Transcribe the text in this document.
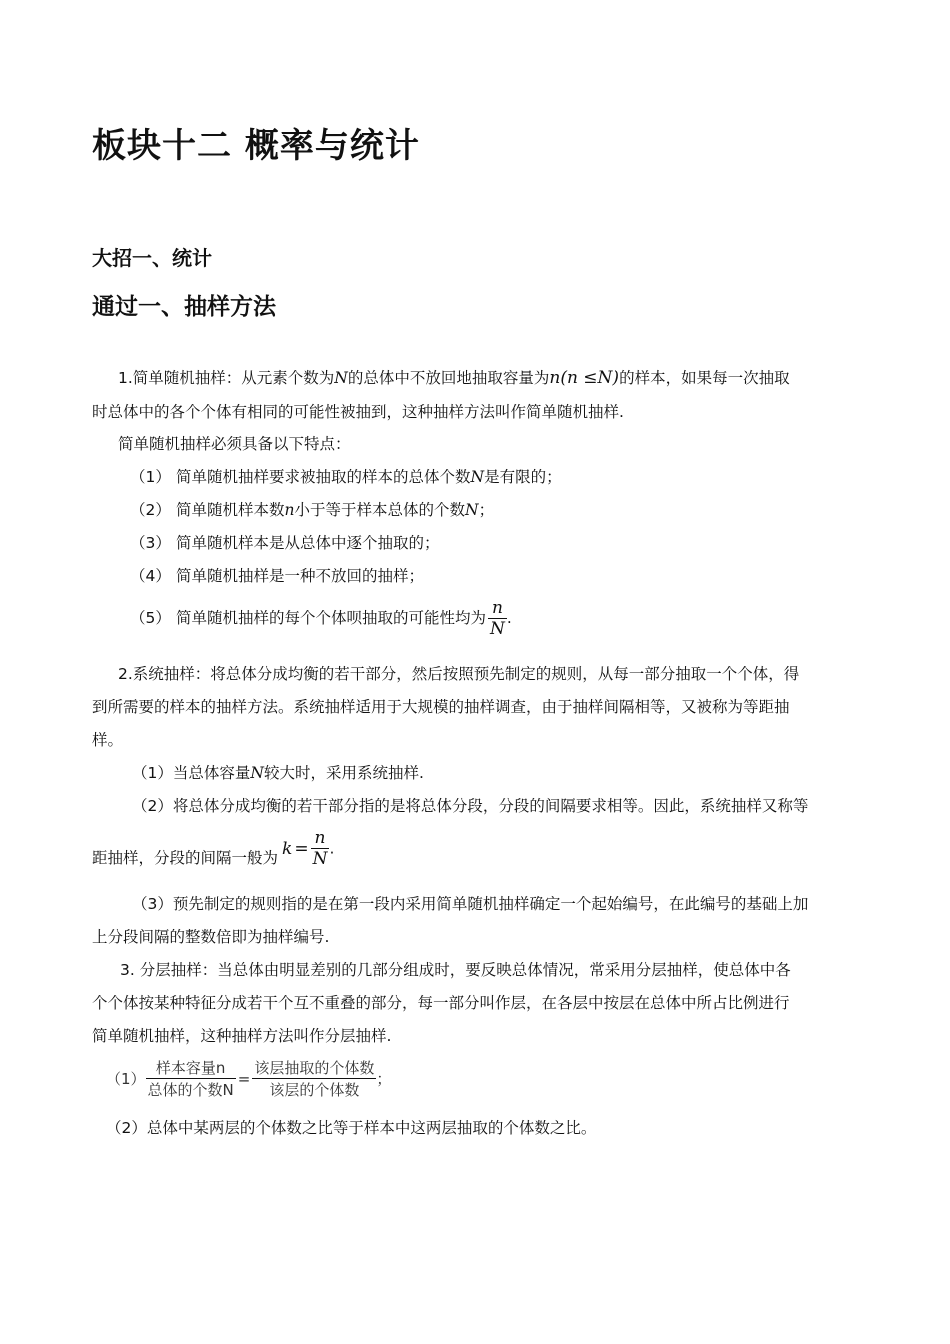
板块十二 概率与统计
大招一、统计
通过一、抽样方法
1.简单随机抽样：从元素个数为N的总体中不放回地抽取容量为n(n ≤N)的样本，如果每一次抽取
时总体中的各个个体有相同的可能性被抽到，这种抽样方法叫作简单随机抽样.
简单随机抽样必须具备以下特点：
（1） 简单随机抽样要求被抽取的样本的总体个数N是有限的；
（2） 简单随机样本数n小于等于样本总体的个数N；
（3） 简单随机样本是从总体中逐个抽取的；
（4） 简单随机抽样是一种不放回的抽样；
（5） 简单随机抽样的每个个体呗抽取的可能性均为 $\frac{n}{N}$ .
2.系统抽样：将总体分成均衡的若干部分，然后按照预先制定的规则，从每一部分抽取一个个体，得
到所需要的样本的抽样方法。系统抽样适用于大规模的抽样调查，由于抽样间隔相等，又被称为等距抽
样。
（1）当总体容量N较大时，采用系统抽样.
（2）将总体分成均衡的若干部分指的是将总体分段，分段的间隔要求相等。因此，系统抽样又称等
距抽样，分段的间隔一般为 $k = \frac{n}{N}$ .
（3）预先制定的规则指的是在第一段内采用简单随机抽样确定一个起始编号，在此编号的基础上加
上分段间隔的整数倍即为抽样编号.
3. 分层抽样：当总体由明显差别的几部分组成时，要反映总体情况，常采用分层抽样，使总体中各
个个体按某种特征分成若干个互不重叠的部分，每一部分叫作层，在各层中按层在总体中所占比例进行
简单随机抽样，这种抽样方法叫作分层抽样.
$(1) \frac{\text{样本容量n}}{\text{总体的个数N}} = \frac{\text{该层抽取的个体数}}{\text{该层的个体数}}$ ；
（2）总体中某两层的个体数之比等于样本中这两层抽取的个体数之比。
